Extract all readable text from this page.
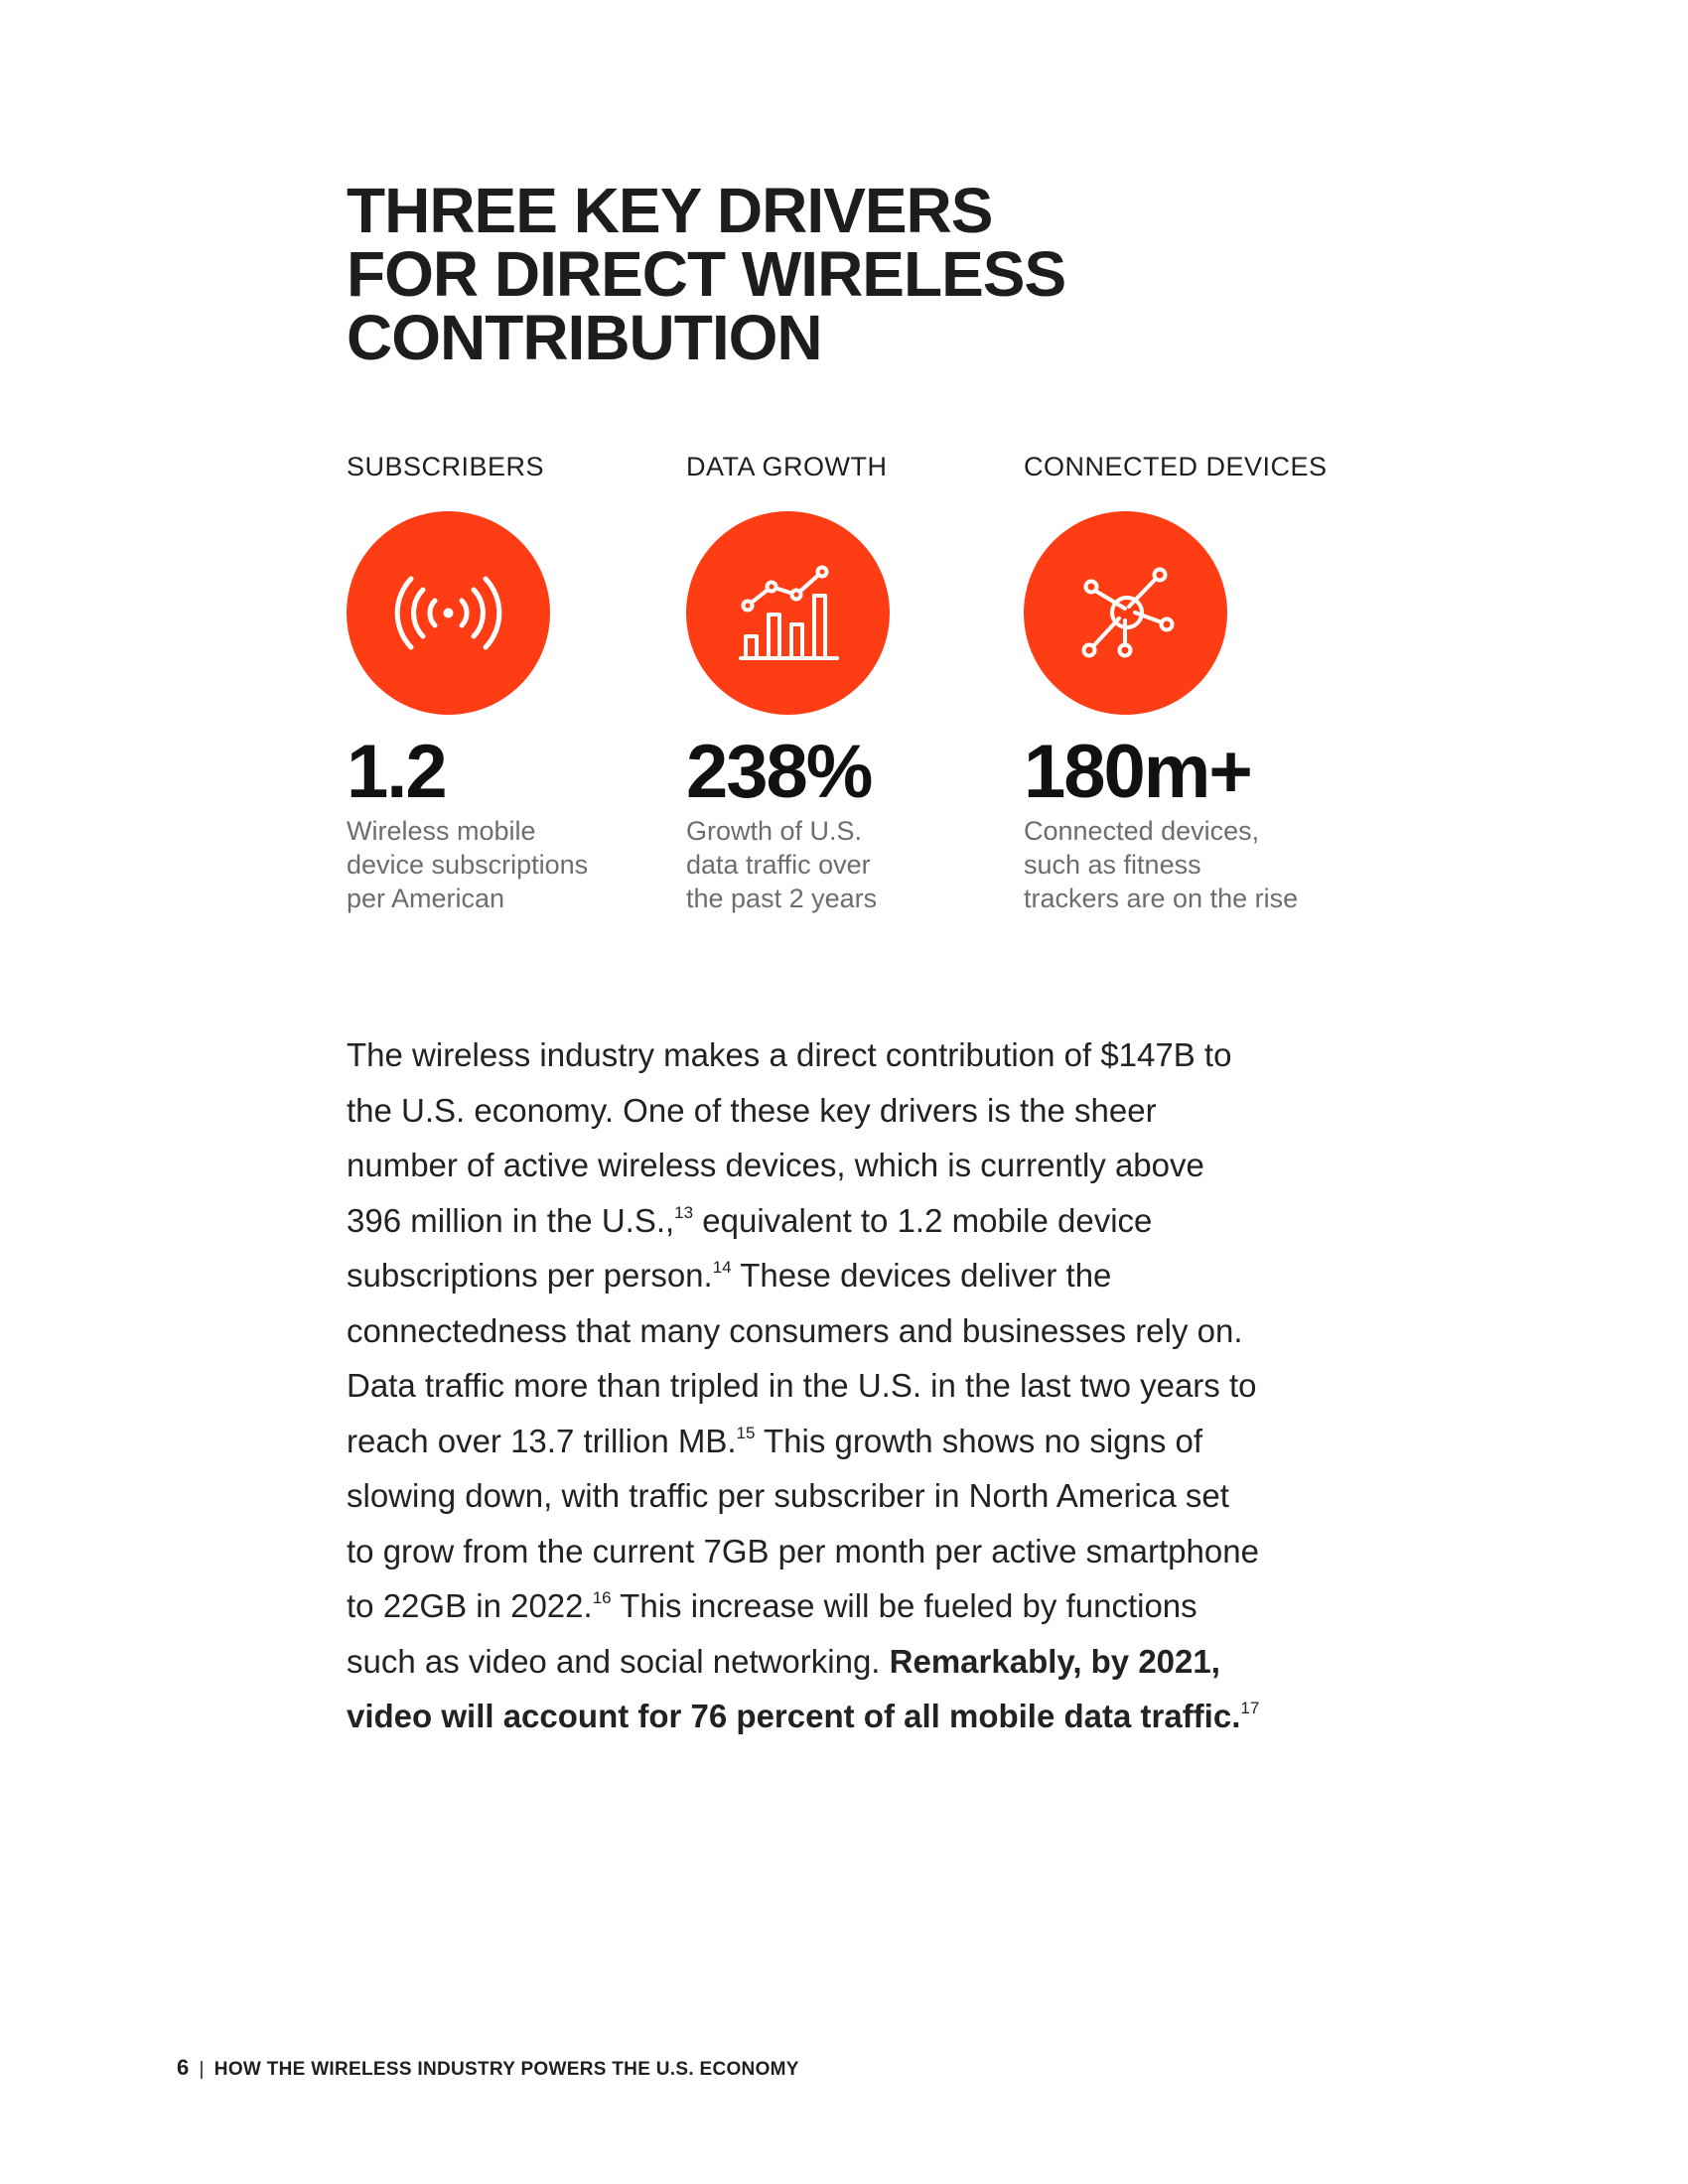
THREE KEY DRIVERS
FOR DIRECT WIRELESS
CONTRIBUTION
SUBSCRIBERS
1.2
Wireless mobile
device subscriptions
per American
DATA GROWTH
238%
Growth of U.S.
data traffic over
the past 2 years
CONNECTED DEVICES
180m+
Connected devices,
such as fitness
trackers are on the rise

The wireless industry makes a direct contribution of $147B to the U.S. economy. One of these key drivers is the sheer number of active wireless devices, which is currently above 396 million in the U.S.,$^{13}$ equivalent to 1.2 mobile device subscriptions per person.$^{14}$ These devices deliver the connectedness that many consumers and businesses rely on. Data traffic more than tripled in the U.S. in the last two years to reach over 13.7 trillion MB.$^{15}$ This growth shows no signs of slowing down, with traffic per subscriber in North America set to grow from the current 7GB per month per active smartphone to 22GB in 2022.16 This increase will be fueled by functions such as video and social networking. Remarkably, by 2021, video will account for 76 percent of all mobile data traffic.$^{17}$

6 | HOW THE WIRELESS INDUSTRY POWERS THE U.S. ECONOMY
